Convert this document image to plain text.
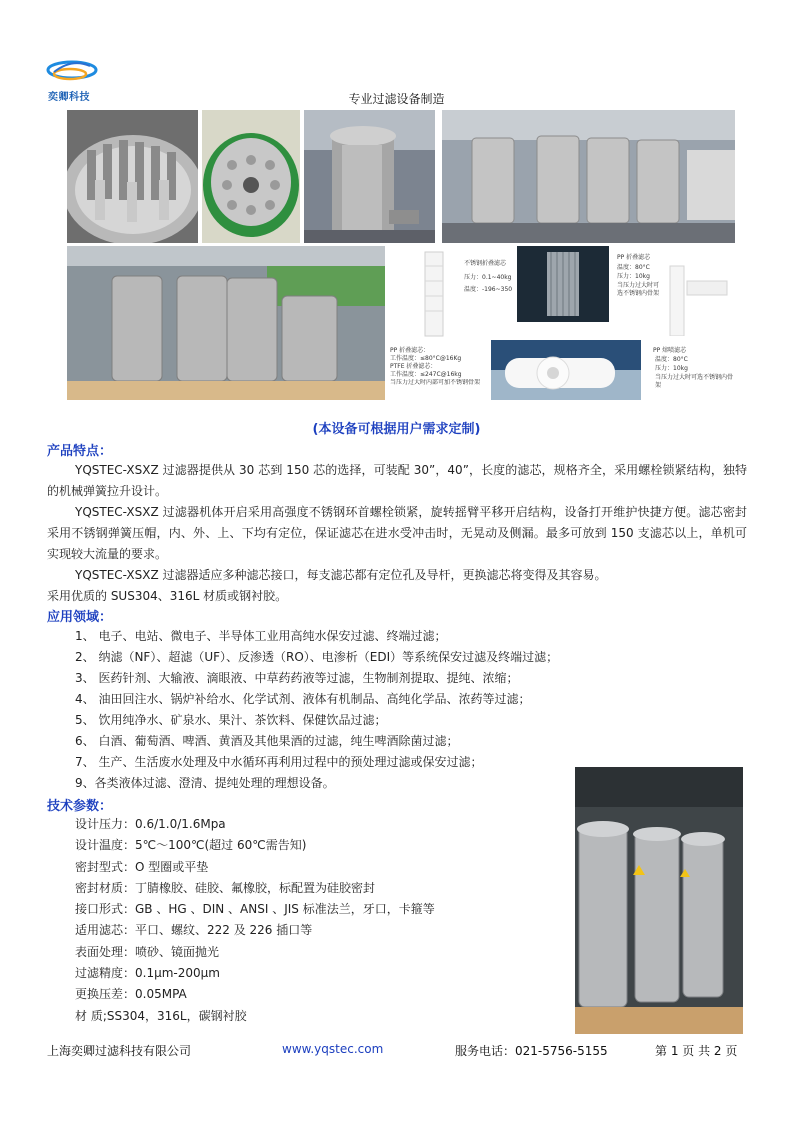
奕卿科技	专业过滤设备制造
不锈钢折叠滤芯
压力：0.1~40kg
温度：-196~350
PP 折叠滤芯
温度：80°C
压力：10kg
当压力过大时可选不锈钢内骨架
PP 折叠滤芯：
工作温度：≤80°C@16Kg
PTFE 折叠滤芯：
工作温度：≤247C@16kg
当压力过大时内部可加不锈钢骨架
PP 熔喷滤芯
温度：80°C
压力：10kg
当压力过大时可选不锈钢内骨架
(本设备可根据用户需求定制)
产品特点：

YQSTEC-XSXZ 过滤器提供从 30 芯到 150 芯的选择，可装配 30”，40”，长度的滤芯，规格齐全，采用螺栓锁紧结构，独特的机械弹簧拉升设计。

YQSTEC-XSXZ 过滤器机体开启采用高强度不锈钢环首螺栓锁紧，旋转摇臂平移开启结构，设备打开维护快捷方便。滤芯密封采用不锈钢弹簧压帽，内、外、上、下均有定位，保证滤芯在进水受冲击时，无晃动及侧漏。最多可放到 150 支滤芯以上，单机可实现较大流量的要求。

YQSTEC-XSXZ 过滤器适应多种滤芯接口，每支滤芯都有定位孔及导杆，更换滤芯将变得及其容易。

采用优质的 SUS304、316L 材质或钢衬胶。

应用领域：
1、 电子、电站、微电子、半导体工业用高纯水保安过滤、终端过滤；
2、 纳滤（NF）、超滤（UF）、反渗透（RO）、电渗析（EDI）等系统保安过滤及终端过滤；
3、 医药针剂、大输液、滴眼液、中草药药液等过滤，生物制剂提取、提纯、浓缩；
4、 油田回注水、锅炉补给水、化学试剂、液体有机制品、高纯化学品、浓药等过滤；
5、 饮用纯净水、矿泉水、果汁、茶饮料、保健饮品过滤；
6、 白酒、葡萄酒、啤酒、黄酒及其他果酒的过滤，纯生啤酒除菌过滤；
7、 生产、生活废水处理及中水循环再利用过程中的预处理过滤或保安过滤；
9、各类液体过滤、澄清、提纯处理的理想设备。
技术参数：
设计压力：0.6/1.0/1.6Mpa
设计温度：5℃～100℃(超过 60℃需告知)
密封型式：O 型圈或平垫
密封材质：丁腈橡胶、硅胶、氟橡胶，标配置为硅胶密封
接口形式：GB 、HG 、DIN 、ANSI 、JIS 标准法兰，牙口，卡箍等
适用滤芯：平口、螺纹、222 及 226 插口等
表面处理：喷砂、镜面抛光
过滤精度：0.1μm-200μm
更换压差：0.05MPA
材 质;SS304，316L，碳钢衬胶
上海奕卿过滤科技有限公司	www.yqstec.com	服务电话：021-5756-5155	第 1 页 共 2 页
